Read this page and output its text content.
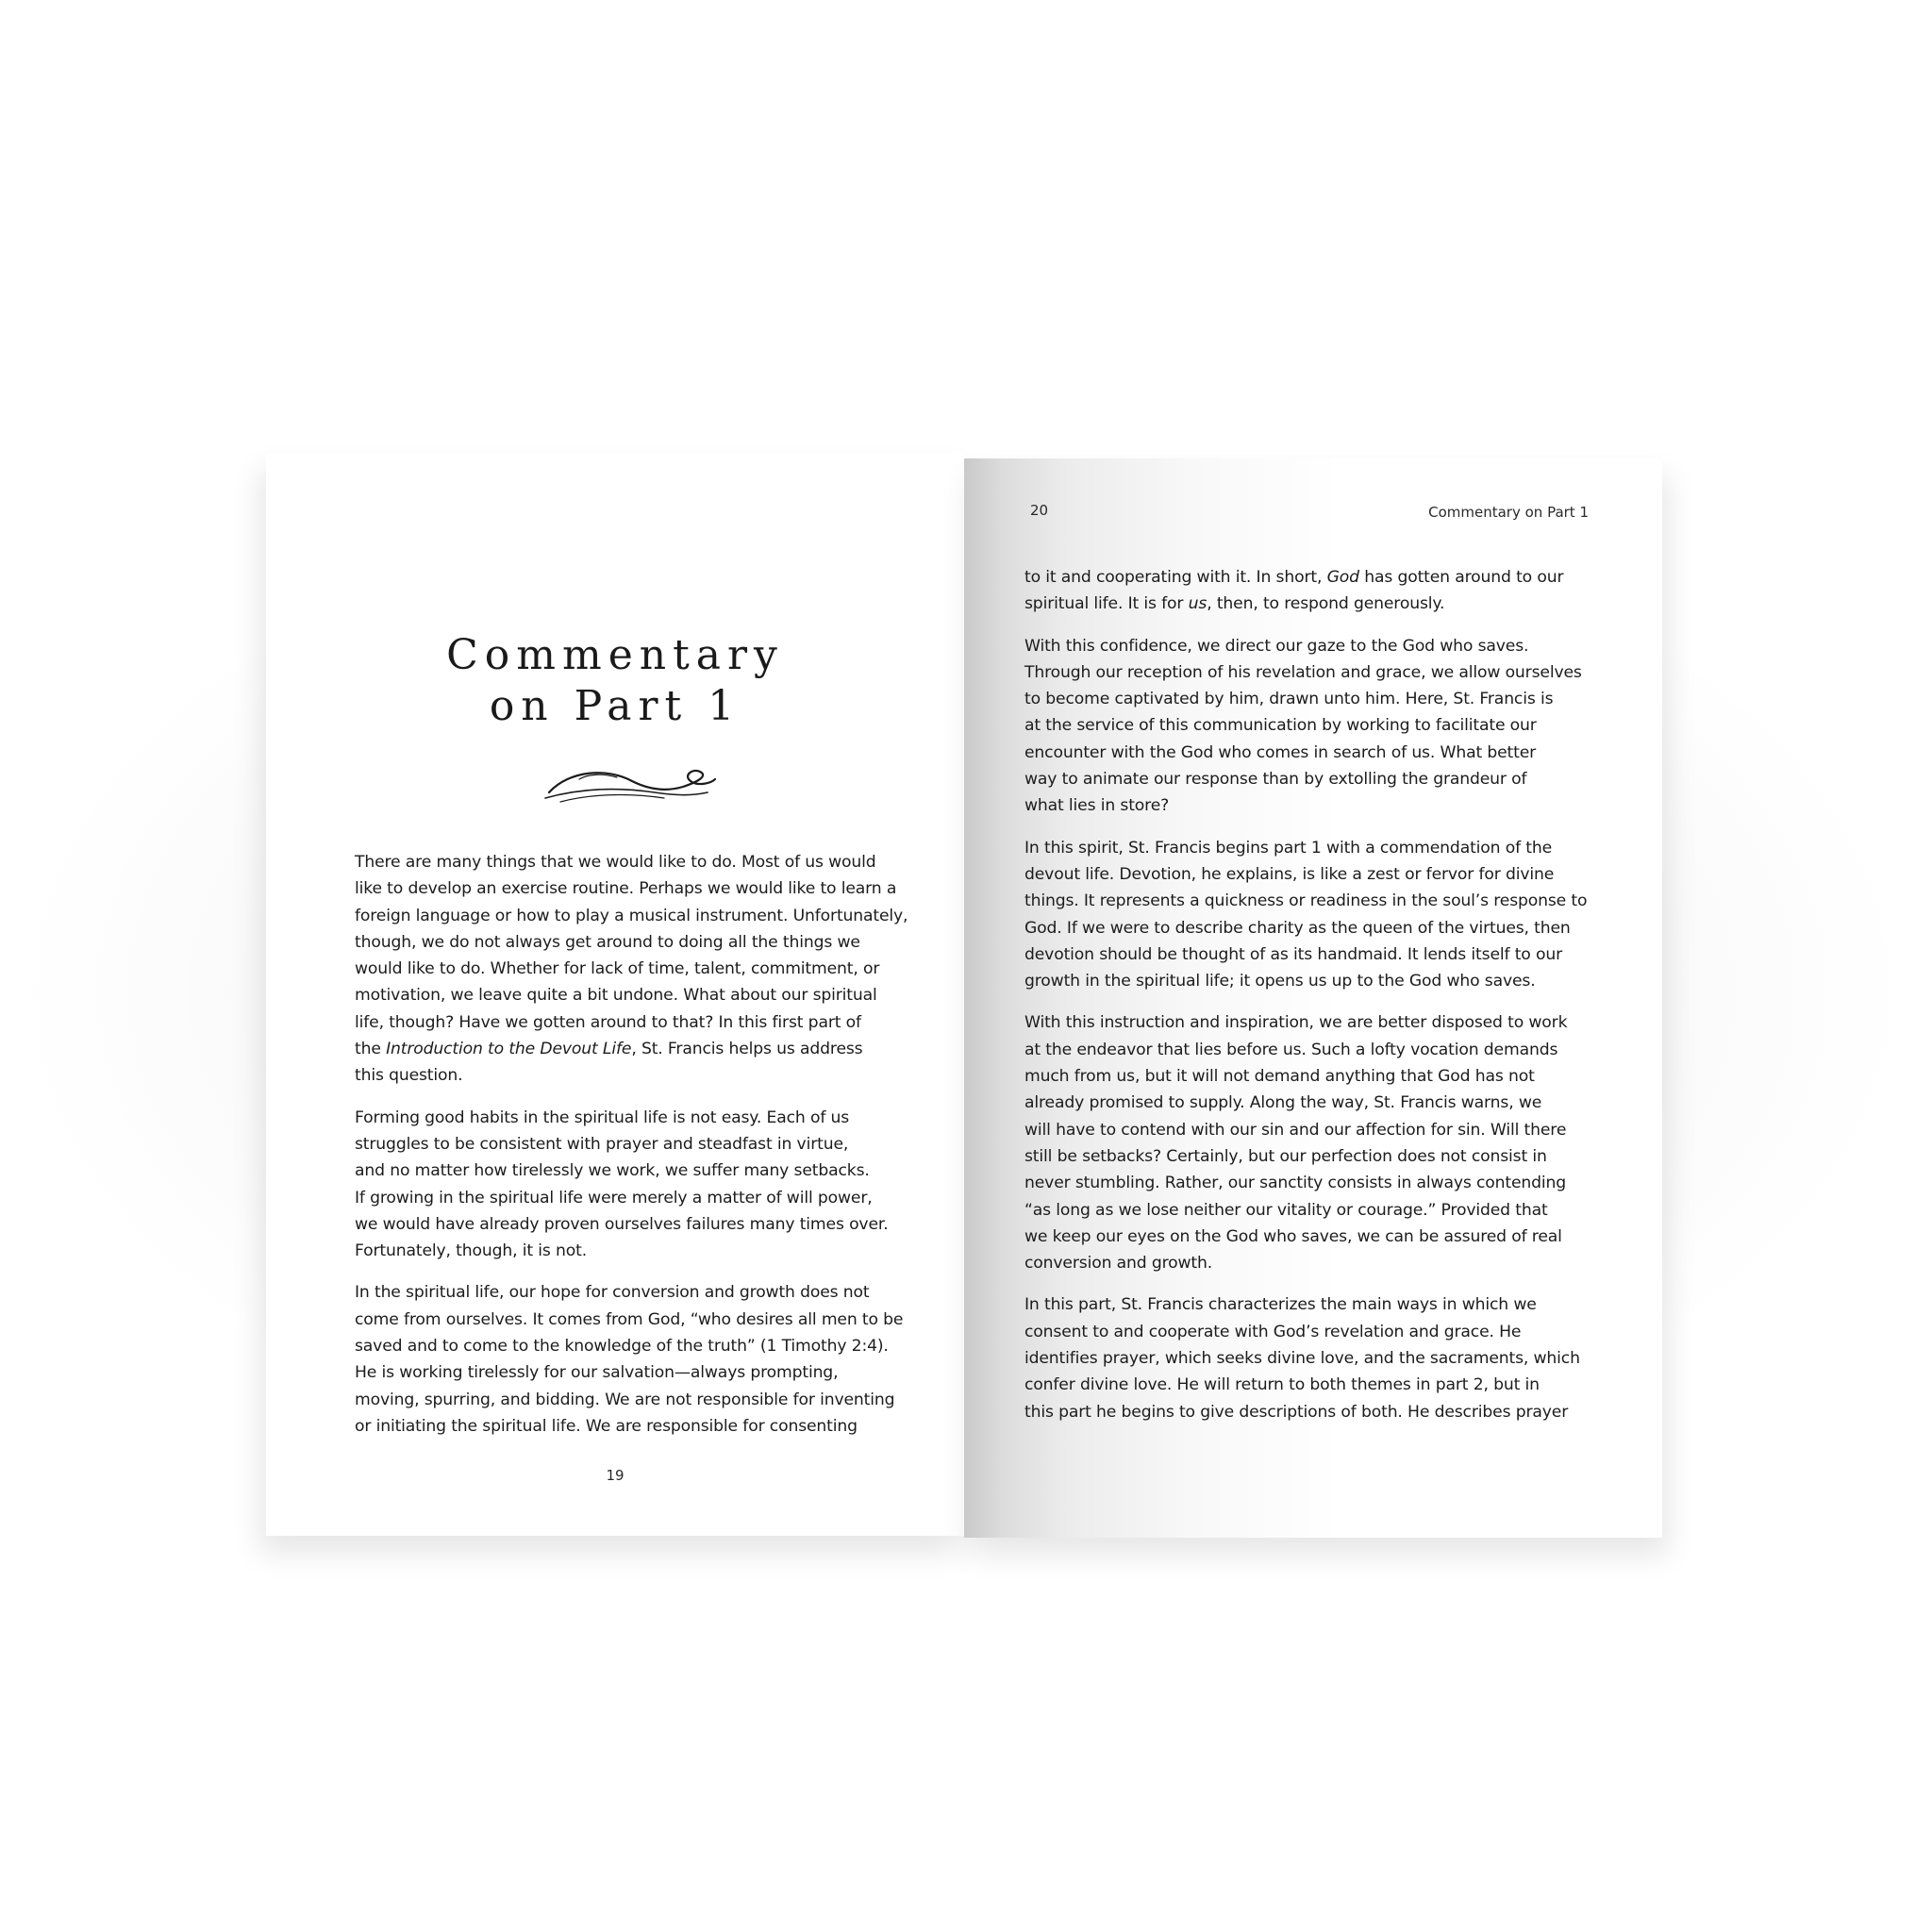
Commentary
on Part 1

There are many things that we would like to do. Most of us would
like to develop an exercise routine. Perhaps we would like to learn a
foreign language or how to play a musical instrument. Unfortunately,
though, we do not always get around to doing all the things we
would like to do. Whether for lack of time, talent, commitment, or
motivation, we leave quite a bit undone. What about our spiritual
life, though? Have we gotten around to that? In this first part of
the Introduction to the Devout Life, St. Francis helps us address
this question.

Forming good habits in the spiritual life is not easy. Each of us
struggles to be consistent with prayer and steadfast in virtue,
and no matter how tirelessly we work, we suffer many setbacks.
If growing in the spiritual life were merely a matter of will power,
we would have already proven ourselves failures many times over.
Fortunately, though, it is not.

In the spiritual life, our hope for conversion and growth does not
come from ourselves. It comes from God, “who desires all men to be
saved and to come to the knowledge of the truth” (1 Timothy 2:4).
He is working tirelessly for our salvation—always prompting,
moving, spurring, and bidding. We are not responsible for inventing
or initiating the spiritual life. We are responsible for consenting

19
20	Commentary on Part 1

to it and cooperating with it. In short, God has gotten around to our
spiritual life. It is for us, then, to respond generously.

With this confidence, we direct our gaze to the God who saves.
Through our reception of his revelation and grace, we allow ourselves
to become captivated by him, drawn unto him. Here, St. Francis is
at the service of this communication by working to facilitate our
encounter with the God who comes in search of us. What better
way to animate our response than by extolling the grandeur of
what lies in store?

In this spirit, St. Francis begins part 1 with a commendation of the
devout life. Devotion, he explains, is like a zest or fervor for divine
things. It represents a quickness or readiness in the soul’s response to
God. If we were to describe charity as the queen of the virtues, then
devotion should be thought of as its handmaid. It lends itself to our
growth in the spiritual life; it opens us up to the God who saves.

With this instruction and inspiration, we are better disposed to work
at the endeavor that lies before us. Such a lofty vocation demands
much from us, but it will not demand anything that God has not
already promised to supply. Along the way, St. Francis warns, we
will have to contend with our sin and our affection for sin. Will there
still be setbacks? Certainly, but our perfection does not consist in
never stumbling. Rather, our sanctity consists in always contending
“as long as we lose neither our vitality or courage.” Provided that
we keep our eyes on the God who saves, we can be assured of real
conversion and growth.

In this part, St. Francis characterizes the main ways in which we
consent to and cooperate with God’s revelation and grace. He
identifies prayer, which seeks divine love, and the sacraments, which
confer divine love. He will return to both themes in part 2, but in
this part he begins to give descriptions of both. He describes prayer
